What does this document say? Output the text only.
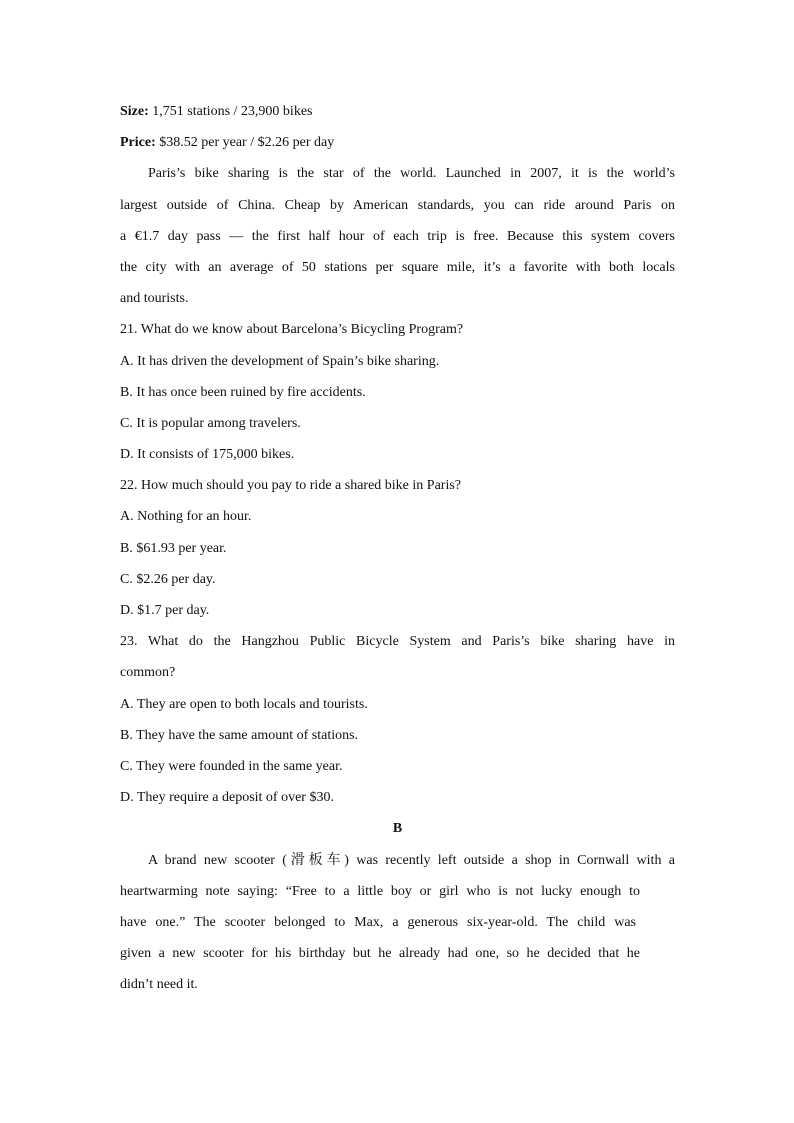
Size: 1,751 stations / 23,900 bikes
Price: $38.52 per year / $2.26 per day
Paris’s bike sharing is the star of the world. Launched in 2007, it is the world’s
largest outside of China. Cheap by American standards, you can ride around Paris on
a €1.7 day pass — the first half hour of each trip is free. Because this system covers
the city with an average of 50 stations per square mile, it’s a favorite with both locals
and tourists.
21. What do we know about Barcelona’s Bicycling Program?
A. It has driven the development of Spain’s bike sharing.
B. It has once been ruined by fire accidents.
C. It is popular among travelers.
D. It consists of 175,000 bikes.
22. How much should you pay to ride a shared bike in Paris?
A. Nothing for an hour.
B. $61.93 per year.
C. $2.26 per day.
D. $1.7 per day.
23. What do the Hangzhou Public Bicycle System and Paris’s bike sharing have in
common?
A. They are open to both locals and tourists.
B. They have the same amount of stations.
C. They were founded in the same year.
D. They require a deposit of over $30.
B
A brand new scooter (滑板车) was recently left outside a shop in Cornwall with a
heartwarming note saying: “Free to a little boy or girl who is not lucky enough to
have one.” The scooter belonged to Max, a generous six-year-old. The child was
given a new scooter for his birthday but he already had one, so he decided that he
didn’t need it.
